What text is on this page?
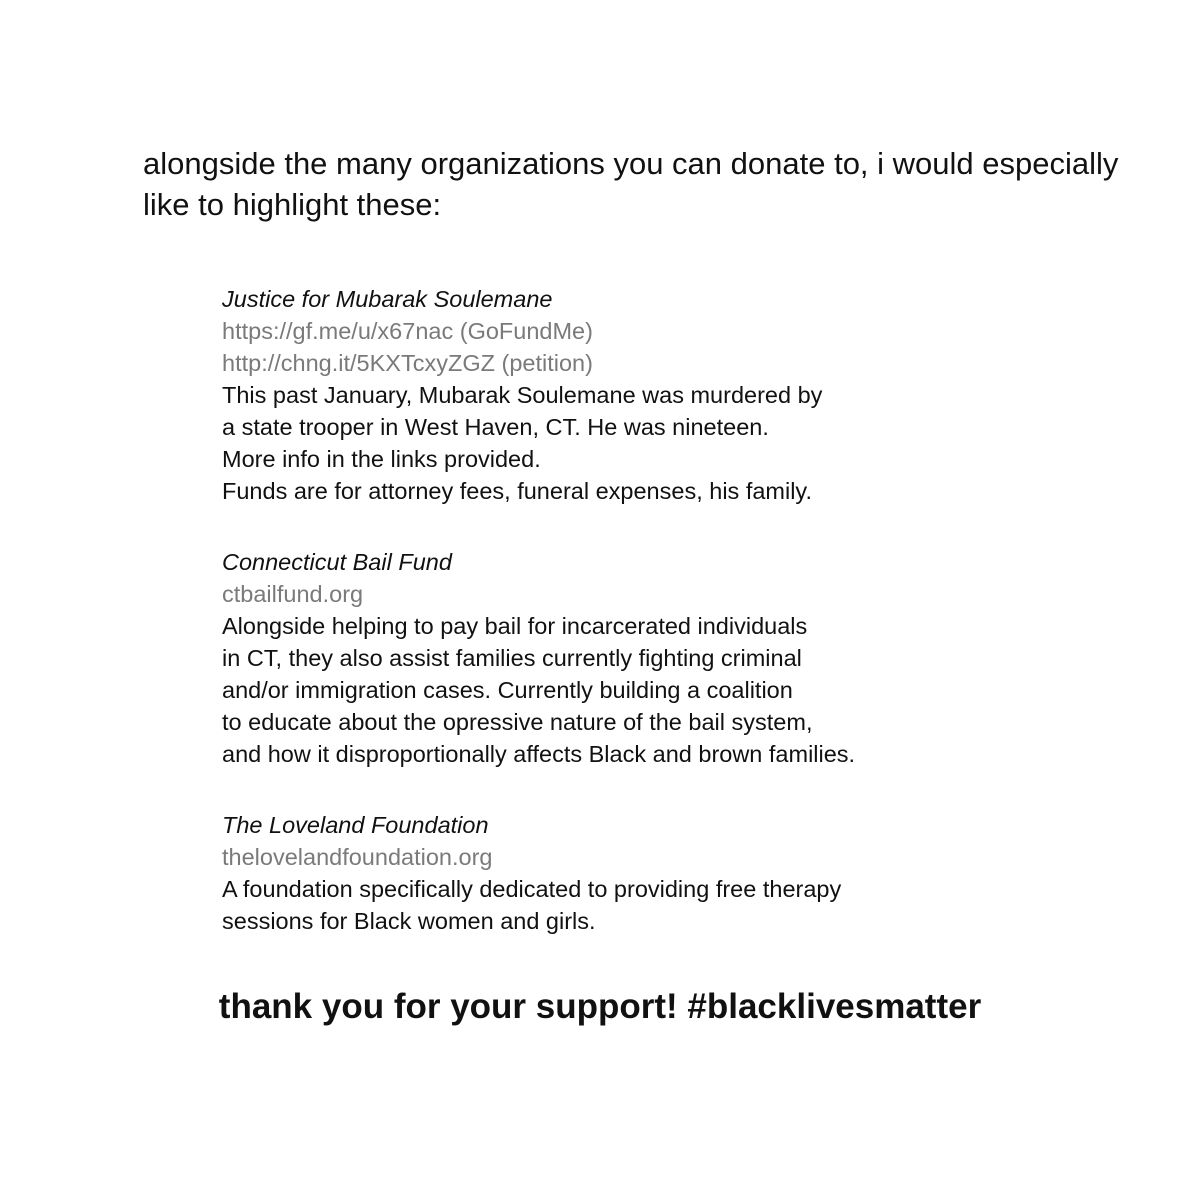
alongside the many organizations you can donate to, i would especially like to highlight these:

Justice for Mubarak Soulemane
https://gf.me/u/x67nac (GoFundMe)
http://chng.it/5KXTcxyZGZ (petition)
This past January, Mubarak Soulemane was murdered by
a state trooper in West Haven, CT. He was nineteen.
More info in the links provided.
Funds are for attorney fees, funeral expenses, his family.
Connecticut Bail Fund
ctbailfund.org
Alongside helping to pay bail for incarcerated individuals
in CT, they also assist families currently fighting criminal
and/or immigration cases. Currently building a coalition
to educate about the opressive nature of the bail system,
and how it disproportionally affects Black and brown families.
The Loveland Foundation
thelovelandfoundation.org
A foundation specifically dedicated to providing free therapy
sessions for Black women and girls.

thank you for your support! #blacklivesmatter
